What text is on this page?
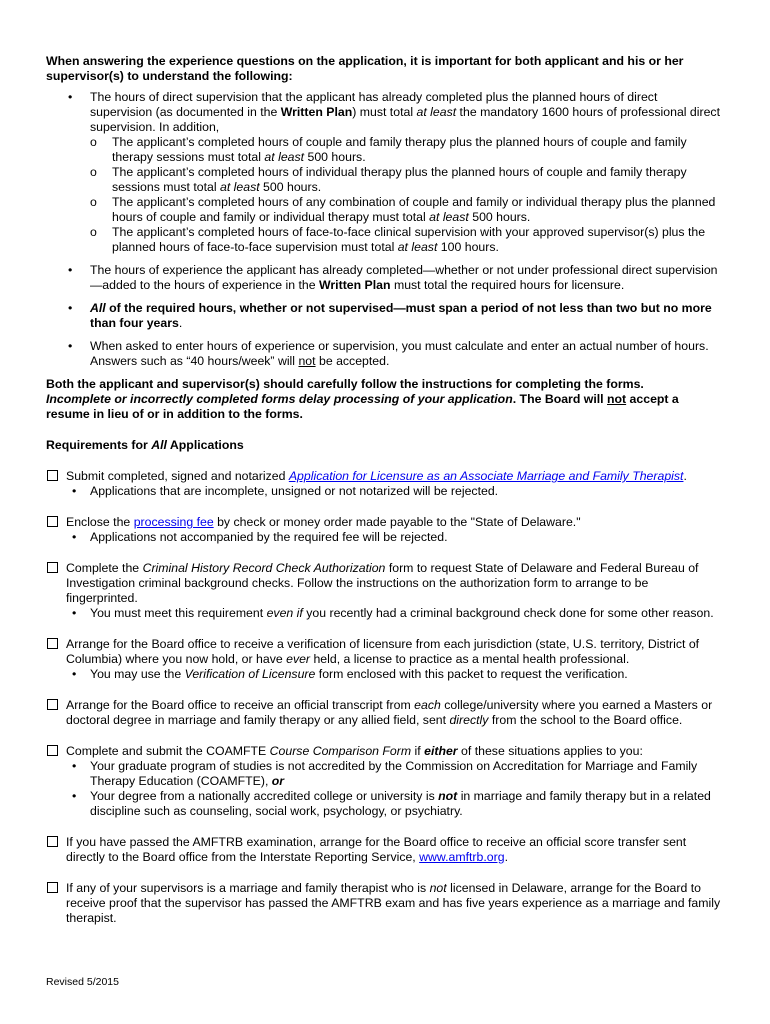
When answering the experience questions on the application, it is important for both applicant and his or her supervisor(s) to understand the following:

• The hours of direct supervision that the applicant has already completed plus the planned hours of direct supervision (as documented in the Written Plan) must total at least the mandatory 1600 hours of professional direct supervision. In addition,
o The applicant’s completed hours of couple and family therapy plus the planned hours of couple and family therapy sessions must total at least 500 hours.
o The applicant’s completed hours of individual therapy plus the planned hours of couple and family therapy sessions must total at least 500 hours.
o The applicant’s completed hours of any combination of couple and family or individual therapy plus the planned hours of couple and family or individual therapy must total at least 500 hours.
o The applicant’s completed hours of face-to-face clinical supervision with your approved supervisor(s) plus the planned hours of face-to-face supervision must total at least 100 hours.
• The hours of experience the applicant has already completed—whether or not under professional direct supervision—added to the hours of experience in the Written Plan must total the required hours for licensure.
• All of the required hours, whether or not supervised—must span a period of not less than two but no more than four years.
• When asked to enter hours of experience or supervision, you must calculate and enter an actual number of hours. Answers such as “40 hours/week” will not be accepted.

Both the applicant and supervisor(s) should carefully follow the instructions for completing the forms.
Incomplete or incorrectly completed forms delay processing of your application. The Board will not accept a resume in lieu of or in addition to the forms.

Requirements for All Applications

Submit completed, signed and notarized Application for Licensure as an Associate Marriage and Family Therapist.
• Applications that are incomplete, unsigned or not notarized will be rejected.
Enclose the processing fee by check or money order made payable to the "State of Delaware."
• Applications not accompanied by the required fee will be rejected.
Complete the Criminal History Record Check Authorization form to request State of Delaware and Federal Bureau of Investigation criminal background checks. Follow the instructions on the authorization form to arrange to be fingerprinted.
• You must meet this requirement even if you recently had a criminal background check done for some other reason.
Arrange for the Board office to receive a verification of licensure from each jurisdiction (state, U.S. territory, District of Columbia) where you now hold, or have ever held, a license to practice as a mental health professional.
• You may use the Verification of Licensure form enclosed with this packet to request the verification.
Arrange for the Board office to receive an official transcript from each college/university where you earned a Masters or doctoral degree in marriage and family therapy or any allied field, sent directly from the school to the Board office.
Complete and submit the COAMFTE Course Comparison Form if either of these situations applies to you:
• Your graduate program of studies is not accredited by the Commission on Accreditation for Marriage and Family Therapy Education (COAMFTE), or
• Your degree from a nationally accredited college or university is not in marriage and family therapy but in a related discipline such as counseling, social work, psychology, or psychiatry.
If you have passed the AMFTRB examination, arrange for the Board office to receive an official score transfer sent directly to the Board office from the Interstate Reporting Service, www.amftrb.org.
If any of your supervisors is a marriage and family therapist who is not licensed in Delaware, arrange for the Board to receive proof that the supervisor has passed the AMFTRB exam and has five years experience as a marriage and family therapist.
Revised 5/2015
